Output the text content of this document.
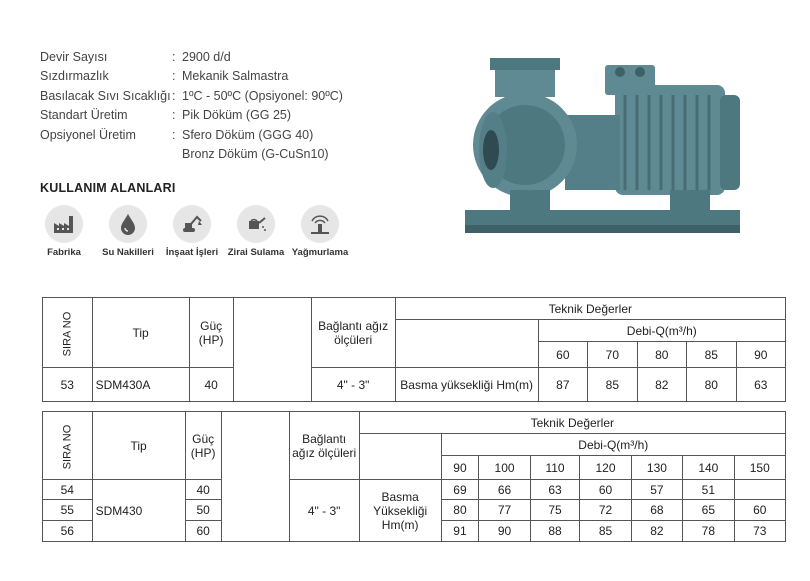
Devir Sayısı	: 2900 d/d
Sızdırmazlık	: Mekanik Salmastra
Basılacak Sıvı Sıcaklığı : 1ºC - 50ºC (Opsiyonel: 90ºC)
Standart Üretim	: Pik Döküm (GG 25)
Opsiyonel Üretim	: Sfero Döküm (GGG 40)
Bronz Döküm (G-CuSn10)
KULLANIM ALANLARI
Fabrika Su Nakilleri İnşaat İşleri Zirai Sulama Yağmurlama
SIRA NO	Tip	Güç (HP)		Bağlantı ağız ölçüleri	Teknik Değerler					
						Debi-Q(m³/h)				
						60	70	80	85	90
53	SDM430A	40		4" - 3"	Basma yüksekliği Hm(m)	87	85	82	80	63
SIRA NO	Tip	Güç (HP)		Bağlantı ağız ölçüleri	Teknik Değerler							
						Debi-Q(m³/h)						
						90	100	110	120	130	140	150
54	SDM430	40		4" - 3"	Basma Yüksekliği Hm(m)	69	66	63	60	57	51	
55		50				80	77	75	72	68	65	60
56		60				91	90	88	85	82	78	73
